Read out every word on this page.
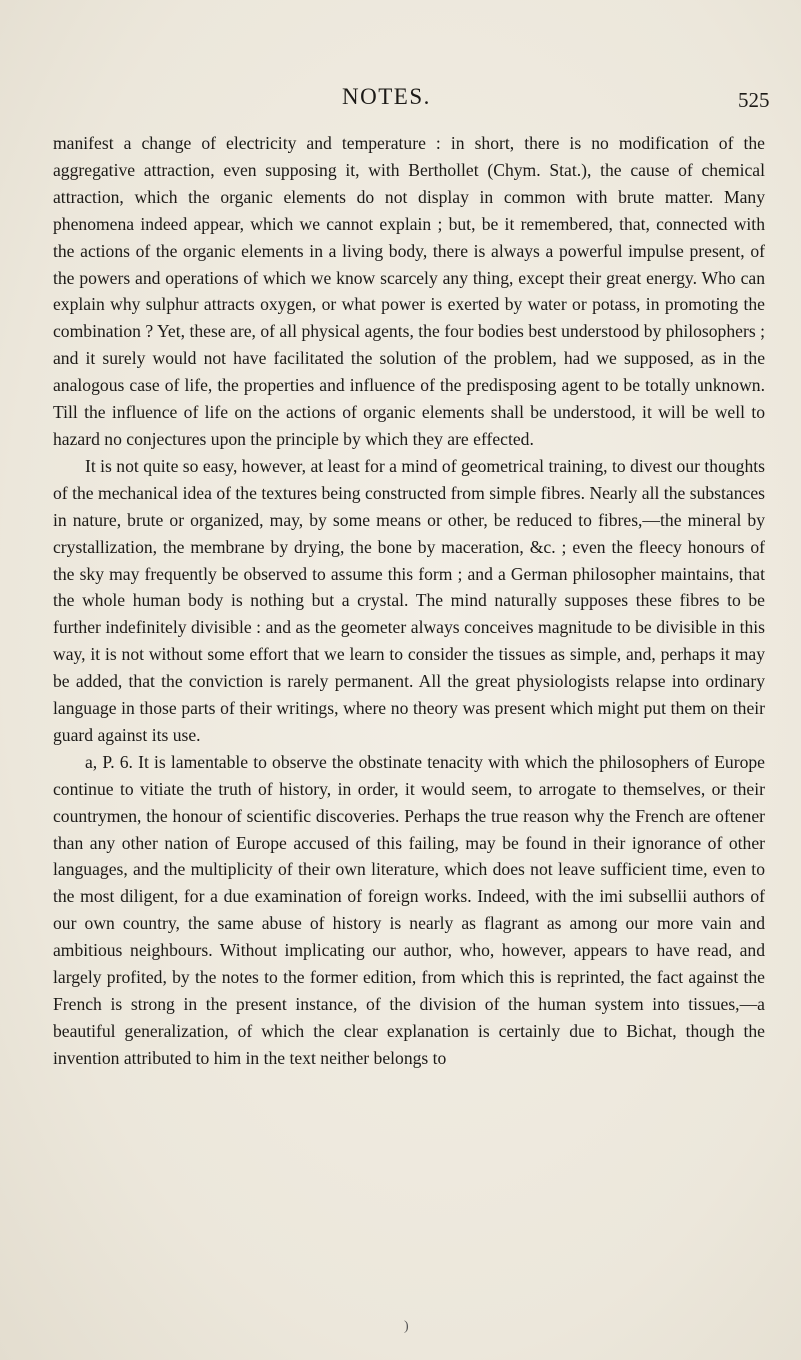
NOTES.	525

manifest a change of electricity and temperature : in short, there is no modification of the aggregative attraction, even supposing it, with Berthollet (Chym. Stat.), the cause of chemical attraction, which the organic elements do not display in common with brute matter. Many phenomena indeed appear, which we cannot explain ; but, be it remembered, that, connected with the actions of the organic elements in a living body, there is always a powerful impulse present, of the powers and operations of which we know scarcely any thing, except their great energy. Who can explain why sulphur attracts oxygen, or what power is exerted by water or potass, in promoting the combination ? Yet, these are, of all physical agents, the four bodies best understood by philosophers ; and it surely would not have facilitated the solution of the problem, had we supposed, as in the analogous case of life, the properties and influence of the predisposing agent to be totally unknown. Till the influence of life on the actions of organic elements shall be understood, it will be well to hazard no conjectures upon the principle by which they are effected.

It is not quite so easy, however, at least for a mind of geometrical training, to divest our thoughts of the mechanical idea of the textures being constructed from simple fibres. Nearly all the substances in nature, brute or organized, may, by some means or other, be reduced to fibres,—the mineral by crystallization, the membrane by drying, the bone by maceration, &c. ; even the fleecy honours of the sky may frequently be observed to assume this form ; and a German philosopher maintains, that the whole human body is nothing but a crystal. The mind naturally supposes these fibres to be further indefinitely divisible : and as the geometer always conceives magnitude to be divisible in this way, it is not without some effort that we learn to consider the tissues as simple, and, perhaps it may be added, that the conviction is rarely permanent. All the great physiologists relapse into ordinary language in those parts of their writings, where no theory was present which might put them on their guard against its use.

a, P. 6. It is lamentable to observe the obstinate tenacity with which the philosophers of Europe continue to vitiate the truth of history, in order, it would seem, to arrogate to themselves, or their countrymen, the honour of scientific discoveries. Perhaps the true reason why the French are oftener than any other nation of Europe accused of this failing, may be found in their ignorance of other languages, and the multiplicity of their own literature, which does not leave sufficient time, even to the most diligent, for a due examination of foreign works. Indeed, with the imi subsellii authors of our own country, the same abuse of history is nearly as flagrant as among our more vain and ambitious neighbours. Without implicating our author, who, however, appears to have read, and largely profited, by the notes to the former edition, from which this is reprinted, the fact against the French is strong in the present instance, of the division of the human system into tissues,—a beautiful generalization, of which the clear explanation is certainly due to Bichat, though the invention attributed to him in the text neither belongs to

)
